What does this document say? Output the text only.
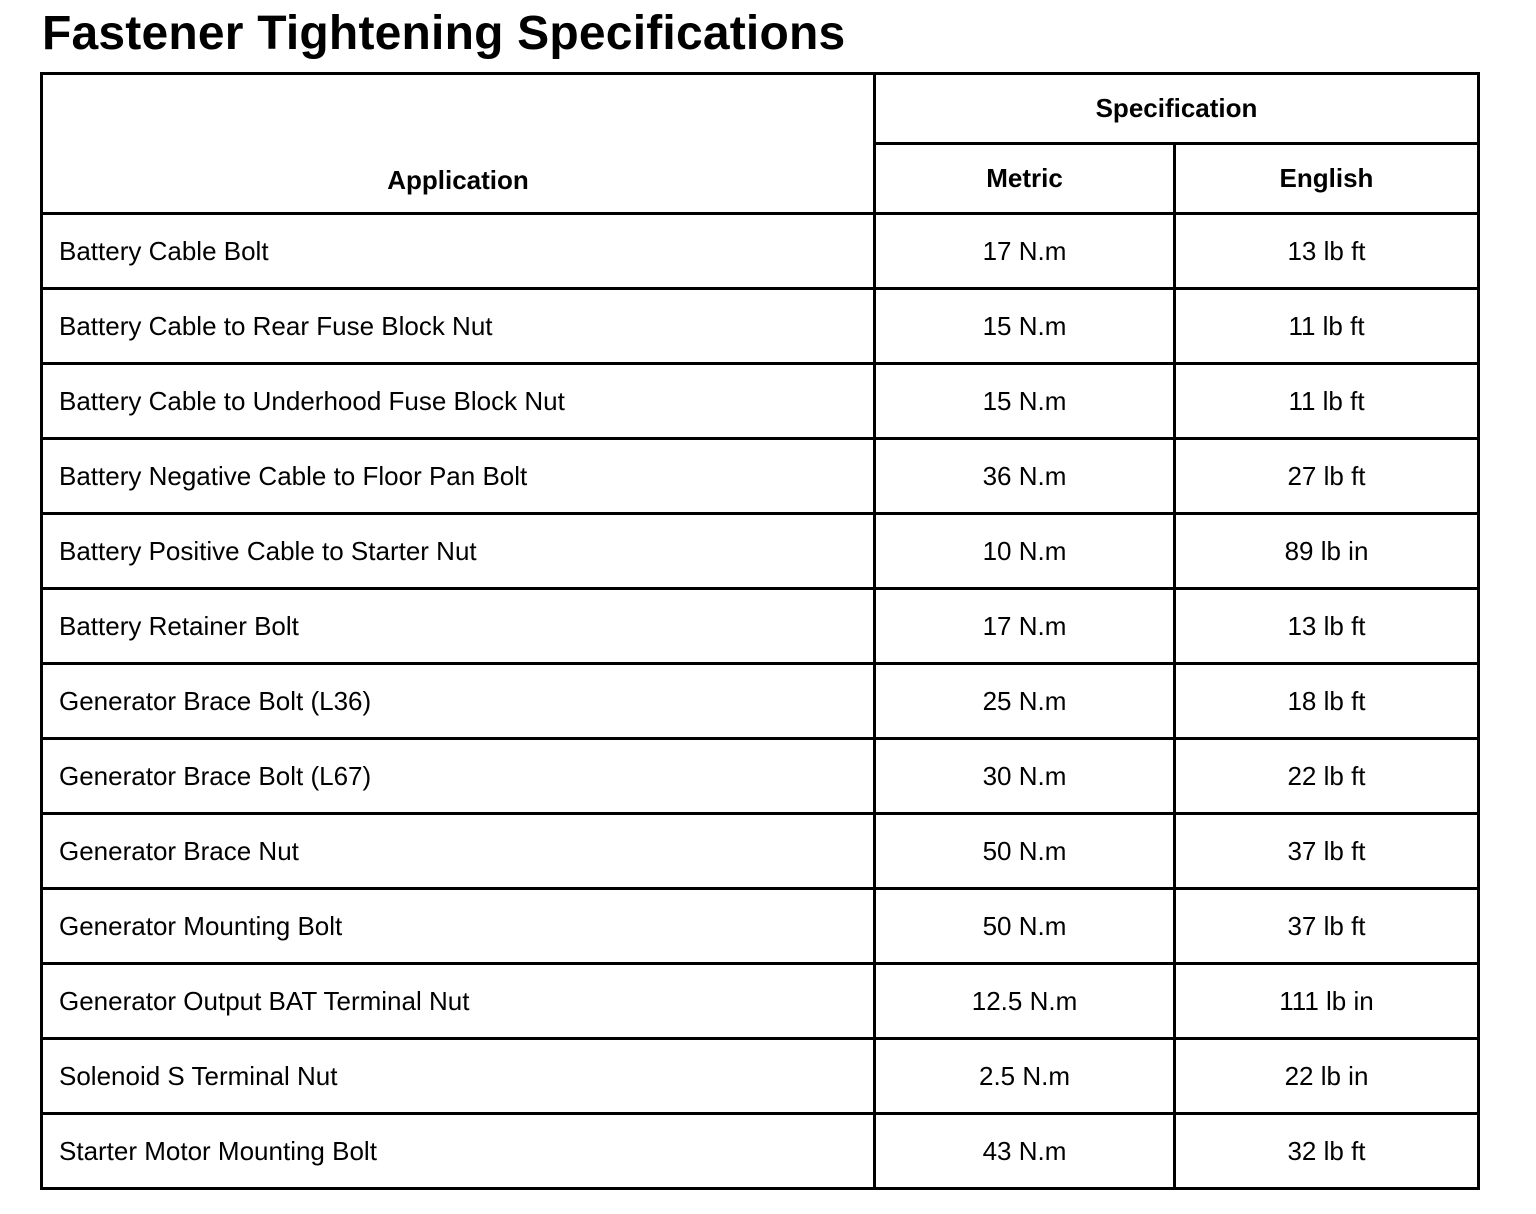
Fastener Tightening Specifications
Application	Specification	
	Metric	English
Battery Cable Bolt	17 N.m	13 lb ft
Battery Cable to Rear Fuse Block Nut	15 N.m	11 lb ft
Battery Cable to Underhood Fuse Block Nut	15 N.m	11 lb ft
Battery Negative Cable to Floor Pan Bolt	36 N.m	27 lb ft
Battery Positive Cable to Starter Nut	10 N.m	89 lb in
Battery Retainer Bolt	17 N.m	13 lb ft
Generator Brace Bolt (L36)	25 N.m	18 lb ft
Generator Brace Bolt (L67)	30 N.m	22 lb ft
Generator Brace Nut	50 N.m	37 lb ft
Generator Mounting Bolt	50 N.m	37 lb ft
Generator Output BAT Terminal Nut	12.5 N.m	111 lb in
Solenoid S Terminal Nut	2.5 N.m	22 lb in
Starter Motor Mounting Bolt	43 N.m	32 lb ft
